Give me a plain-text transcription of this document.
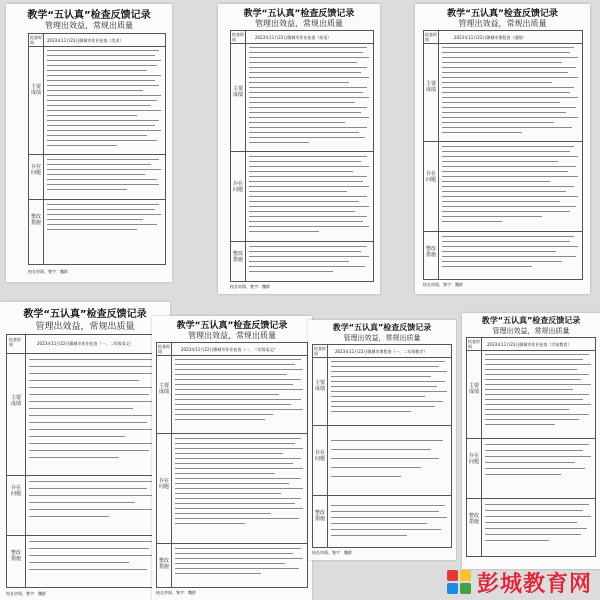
教学“五认真”检查反馈记录
管理出效益，常规出质量
检查时间	2023年11月22日聊城市作业检查（美术）
主要成绩
存在问题
整改措施
校长审阅、签字：魏群
教学“五认真”检查反馈记录
管理出效益，常规出质量
检查时间	2023年11月22日聊城市作业检查（英语）
主要成绩
存在问题
整改措施
校长审阅、签字：魏群
教学“五认真”检查反馈记录
管理出效益，常规出质量
检查时间	2023年11月22日聊城市课程查（道路）
主要成绩
存在问题
整改措施
校长审阅、签字：魏群
教学“五认真”检查反馈记录
管理出效益，常规出质量
检查时间	2023年11月22日聊城市作业检查（一、二年级语文）
主要成绩
存在问题
整改措施
校长审阅、签字：魏群
教学“五认真”检查反馈记录
管理出效益，常规出质量
检查时间	2023年11月22日聊城市作业检查（一、二年级语文）
主要成绩
存在问题
整改措施
校长审阅、签字：魏群
教学“五认真”检查反馈记录
管理出效益，常规出质量
检查时间	2023年11月22日聊城市课程查（一、二年级数学）
主要成绩
存在问题
整改措施
校长审阅、签字：魏群
教学“五认真”检查反馈记录
管理出效益，常规出质量
检查时间	2023年11月22日聊城市作业检查（学前教育）
主要成绩
存在问题
整改措施
彭城教育网
